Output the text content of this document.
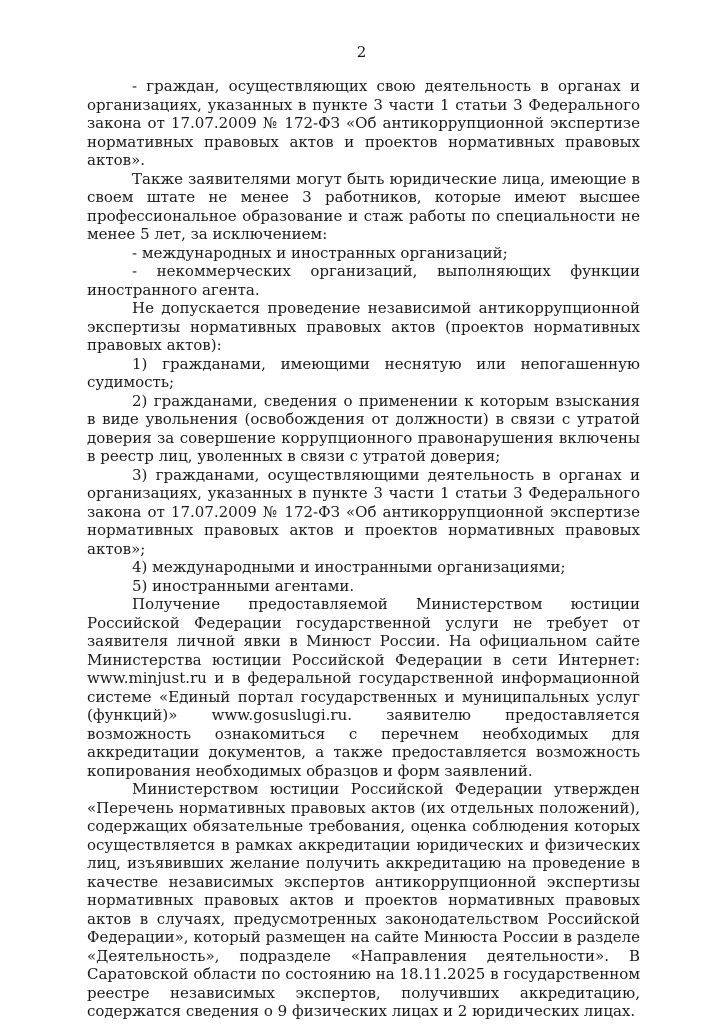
2

- граждан, осуществляющих свою деятельность в органах и организациях, указанных в пункте 3 части 1 статьи 3 Федерального закона от 17.07.2009 № 172-ФЗ «Об антикоррупционной экспертизе нормативных правовых актов и проектов нормативных правовых актов».

Также заявителями могут быть юридические лица, имеющие в своем штате не менее 3 работников, которые имеют высшее профессиональное образование и стаж работы по специальности не менее 5 лет, за исключением:

- международных и иностранных организаций;

- некоммерческих организаций, выполняющих функции иностранного агента.

Не допускается проведение независимой антикоррупционной экспертизы нормативных правовых актов (проектов нормативных правовых актов):

1) гражданами, имеющими неснятую или непогашенную судимость;

2) гражданами, сведения о применении к которым взыскания в виде увольнения (освобождения от должности) в связи с утратой доверия за совершение коррупционного правонарушения включены в реестр лиц, уволенных в связи с утратой доверия;

3) гражданами, осуществляющими деятельность в органах и организациях, указанных в пункте 3 части 1 статьи 3 Федерального закона от 17.07.2009 № 172-ФЗ «Об антикоррупционной экспертизе нормативных правовых актов и проектов нормативных правовых актов»;

4) международными и иностранными организациями;

5) иностранными агентами.

Получение предоставляемой Министерством юстиции Российской Федерации государственной услуги не требует от заявителя личной явки в Минюст России. На официальном сайте Министерства юстиции Российской Федерации в сети Интернет: www.minjust.ru и в федеральной государственной информационной системе «Единый портал государственных и муниципальных услуг (функций)» www.gosuslugi.ru. заявителю предоставляется возможность ознакомиться с перечнем необходимых для аккредитации документов, а также предоставляется возможность копирования необходимых образцов и форм заявлений.

Министерством юстиции Российской Федерации утвержден «Перечень нормативных правовых актов (их отдельных положений), содержащих обязательные требования, оценка соблюдения которых осуществляется в рамках аккредитации юридических и физических лиц, изъявивших желание получить аккредитацию на проведение в качестве независимых экспертов антикоррупционной экспертизы нормативных правовых актов и проектов нормативных правовых актов в случаях, предусмотренных законодательством Российской Федерации», который размещен на сайте Минюста России в разделе «Деятельность», подразделе «Направления деятельности». В Саратовской области по состоянию на 18.11.2025 в государственном реестре независимых экспертов, получивших аккредитацию, содержатся сведения о 9 физических лицах и 2 юридических лицах.
